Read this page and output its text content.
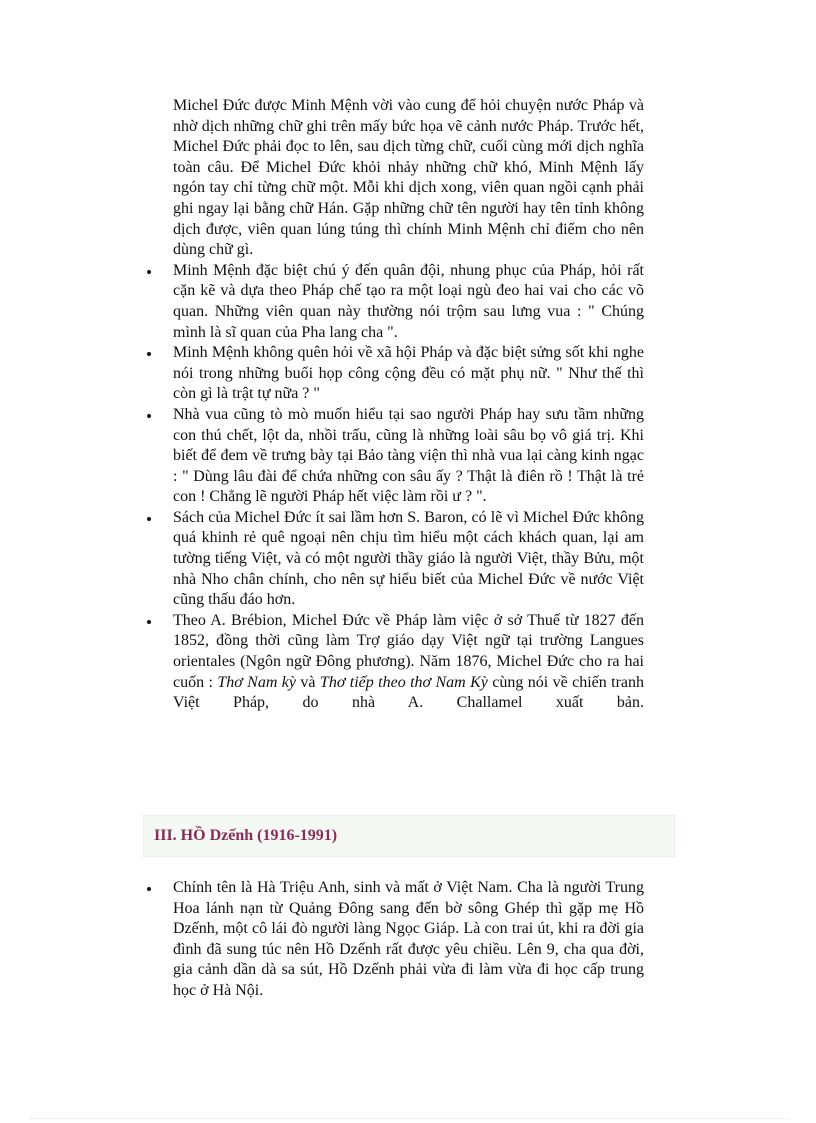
Michel Đức được Minh Mệnh vời vào cung để hỏi chuyện nước Pháp và nhờ dịch những chữ ghi trên mấy bức họa vẽ cảnh nước Pháp. Trước hết, Michel Đức phải đọc to lên, sau dịch từng chữ, cuối cùng mới dịch nghĩa toàn câu. Để Michel Đức khỏi nhảy những chữ khó, Minh Mệnh lấy ngón tay chỉ từng chữ một. Mỗi khi dịch xong, viên quan ngồi cạnh phải ghi ngay lại bằng chữ Hán. Gặp những chữ tên người hay tên tỉnh không dịch được, viên quan lúng túng thì chính Minh Mệnh chỉ điểm cho nên dùng chữ gì.

Minh Mệnh đặc biệt chú ý đến quân đội, nhung phục của Pháp, hỏi rất cặn kẽ và dựa theo Pháp chế tạo ra một loại ngù đeo hai vai cho các võ quan. Những viên quan này thường nói trộm sau lưng vua : " Chúng mình là sĩ quan của Pha lang cha ".
Minh Mệnh không quên hỏi về xã hội Pháp và đặc biệt sửng sốt khi nghe nói trong những buổi họp công cộng đều có mặt phụ nữ. " Như thế thì còn gì là trật tự nữa ? "
Nhà vua cũng tò mò muốn hiểu tại sao người Pháp hay sưu tầm những con thú chết, lột da, nhồi trấu, cũng là những loài sâu bọ vô giá trị. Khi biết để đem về trưng bày tại Bảo tàng viện thì nhà vua lại càng kinh ngạc : " Dùng lâu đài để chứa những con sâu ấy ? Thật là điên rồ ! Thật là trẻ con ! Chẳng lẽ người Pháp hết việc làm rồi ư ? ".
Sách của Michel Đức ít sai lầm hơn S. Baron, có lẽ vì Michel Đức không quá khinh rẻ quê ngoại nên chịu tìm hiểu một cách khách quan, lại am tường tiếng Việt, và có một người thầy giáo là người Việt, thầy Bửu, một nhà Nho chân chính, cho nên sự hiểu biết của Michel Đức về nước Việt cũng thấu đáo hơn.
Theo A. Brébion, Michel Đức về Pháp làm việc ở sở Thuế từ 1827 đến 1852, đồng thời cũng làm Trợ giáo dạy Việt ngữ tại trường Langues orientales (Ngôn ngữ Đông phương). Năm 1876, Michel Đức cho ra hai cuốn : Thơ Nam kỳ và Thơ tiếp theo thơ Nam Kỳ cùng nói về chiến tranh Việt Pháp, do nhà A. Challamel xuất bản.
III. HỒ Dzếnh (1916-1991)
Chính tên là Hà Triệu Anh, sinh và mất ở Việt Nam. Cha là người Trung Hoa lánh nạn từ Quảng Đông sang đến bờ sông Ghép thì gặp mẹ Hồ Dzếnh, một cô lái đò người làng Ngọc Giáp. Là con trai út, khi ra đời gia đình đã sung túc nên Hồ Dzếnh rất được yêu chiều. Lên 9, cha qua đời, gia cảnh dần dà sa sút, Hồ Dzếnh phải vừa đi làm vừa đi học cấp trung học ở Hà Nội.
